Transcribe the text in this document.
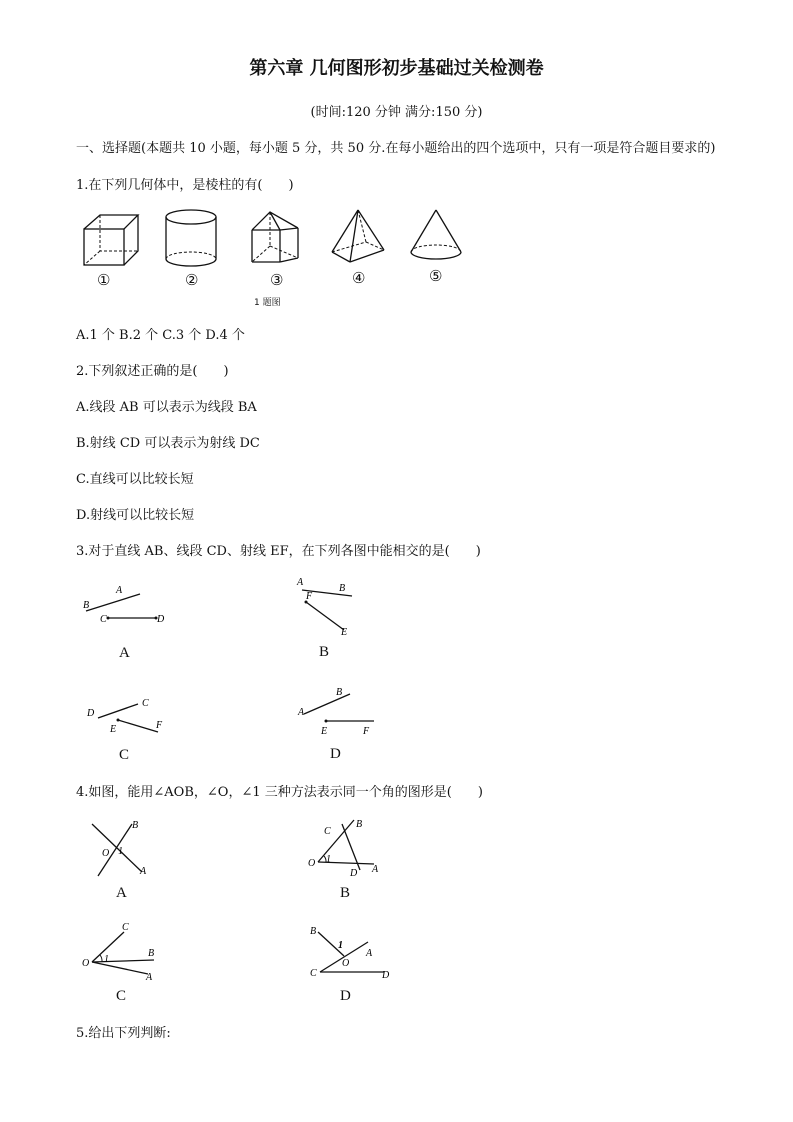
第六章 几何图形初步基础过关检测卷
(时间:120 分钟 满分:150 分)
一、选择题(本题共 10 小题，每小题 5 分，共 50 分.在每小题给出的四个选项中，只有一项是符合题目要求的)
1.在下列几何体中，是棱柱的有(　　)
①	②	③	④	⑤
1 题图
A.1 个 B.2 个 C.3 个 D.4 个
2.下列叙述正确的是(　　)
A.线段 AB 可以表示为线段 BA
B.射线 CD 可以表示为射线 DC
C.直线可以比较长短
D.射线可以比较长短
3.对于直线 AB、线段 CD、射线 EF，在下列各图中能相交的是(　　)
B
A
C	D
A
A
B
F
E
B
D
C
E	F
C
A
B
E	F
D
4.如图，能用∠AOB，∠O，∠1 三种方法表示同一个角的图形是(　　)
O 1
B
A
A
O 1
C
B
D A
B
O 1
C
B
A
C
C
B
1
O
A
D
D
5.给出下列判断:
